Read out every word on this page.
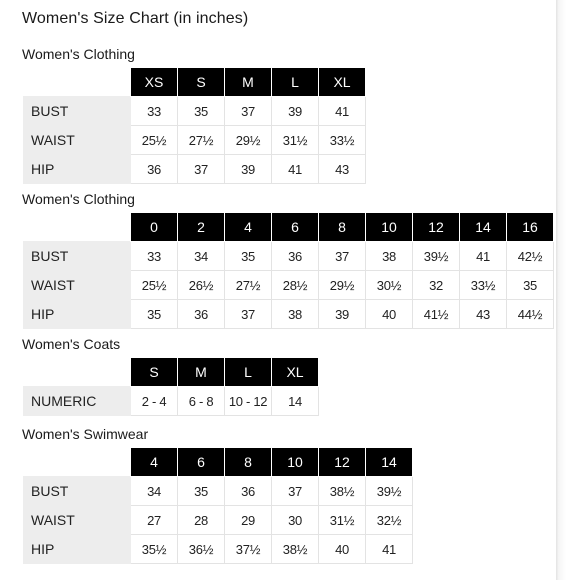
Women's Size Chart (in inches)
Women's Clothing
	XS	S	M	L	XL
BUST	33	35	37	39	41
WAIST	25½	27½	29½	31½	33½
HIP	36	37	39	41	43
Women's Clothing
	0	2	4	6	8	10	12	14	16
BUST	33	34	35	36	37	38	39½	41	42½
WAIST	25½	26½	27½	28½	29½	30½	32	33½	35
HIP	35	36	37	38	39	40	41½	43	44½
Women's Coats
	S	M	L	XL
NUMERIC	2 - 4	6 - 8	10 - 12	14
Women's Swimwear
	4	6	8	10	12	14
BUST	34	35	36	37	38½	39½
WAIST	27	28	29	30	31½	32½
HIP	35½	36½	37½	38½	40	41
